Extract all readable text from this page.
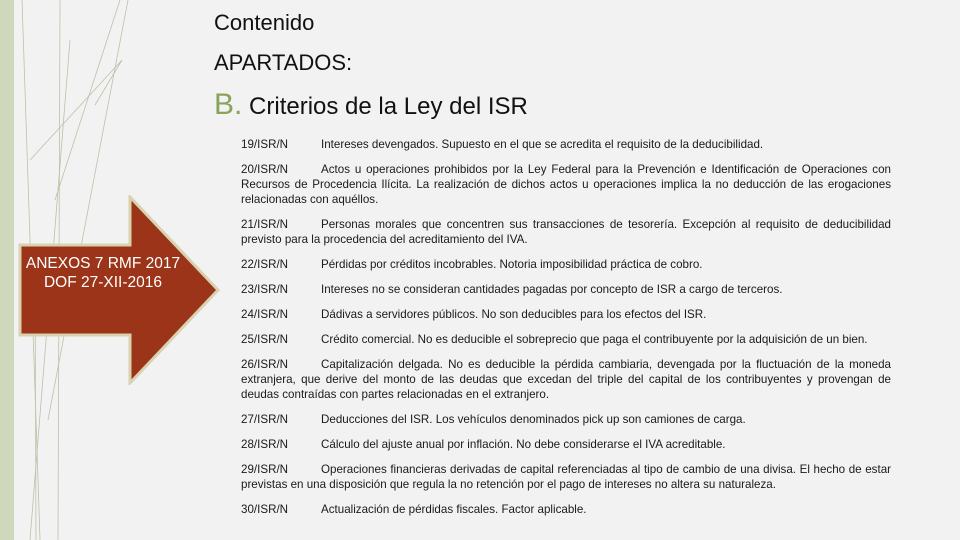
Contenido
APARTADOS:
B. Criterios de la Ley del ISR
ANEXOS 7 RMF 2017 DOF 27-XII-2016
19/ISR/N	Intereses devengados. Supuesto en el que se acredita el requisito de la deducibilidad.
20/ISR/N	Actos u operaciones prohibidos por la Ley Federal para la Prevención e Identificación de Operaciones con Recursos de Procedencia Ilícita. La realización de dichos actos u operaciones implica la no deducción de las erogaciones relacionadas con aquéllos.
21/ISR/N	Personas morales que concentren sus transacciones de tesorería. Excepción al requisito de deducibilidad previsto para la procedencia del acreditamiento del IVA.
22/ISR/N	Pérdidas por créditos incobrables. Notoria imposibilidad práctica de cobro.
23/ISR/N	Intereses no se consideran cantidades pagadas por concepto de ISR a cargo de terceros.
24/ISR/N	Dádivas a servidores públicos. No son deducibles para los efectos del ISR.
25/ISR/N	Crédito comercial. No es deducible el sobreprecio que paga el contribuyente por la adquisición de un bien.
26/ISR/N	Capitalización delgada. No es deducible la pérdida cambiaria, devengada por la fluctuación de la moneda extranjera, que derive del monto de las deudas que excedan del triple del capital de los contribuyentes y provengan de deudas contraídas con partes relacionadas en el extranjero.
27/ISR/N	Deducciones del ISR. Los vehículos denominados pick up son camiones de carga.
28/ISR/N	Cálculo del ajuste anual por inflación. No debe considerarse el IVA acreditable.
29/ISR/N	Operaciones financieras derivadas de capital referenciadas al tipo de cambio de una divisa. El hecho de estar previstas en una disposición que regula la no retención por el pago de intereses no altera su naturaleza.
30/ISR/N	Actualización de pérdidas fiscales. Factor aplicable.
